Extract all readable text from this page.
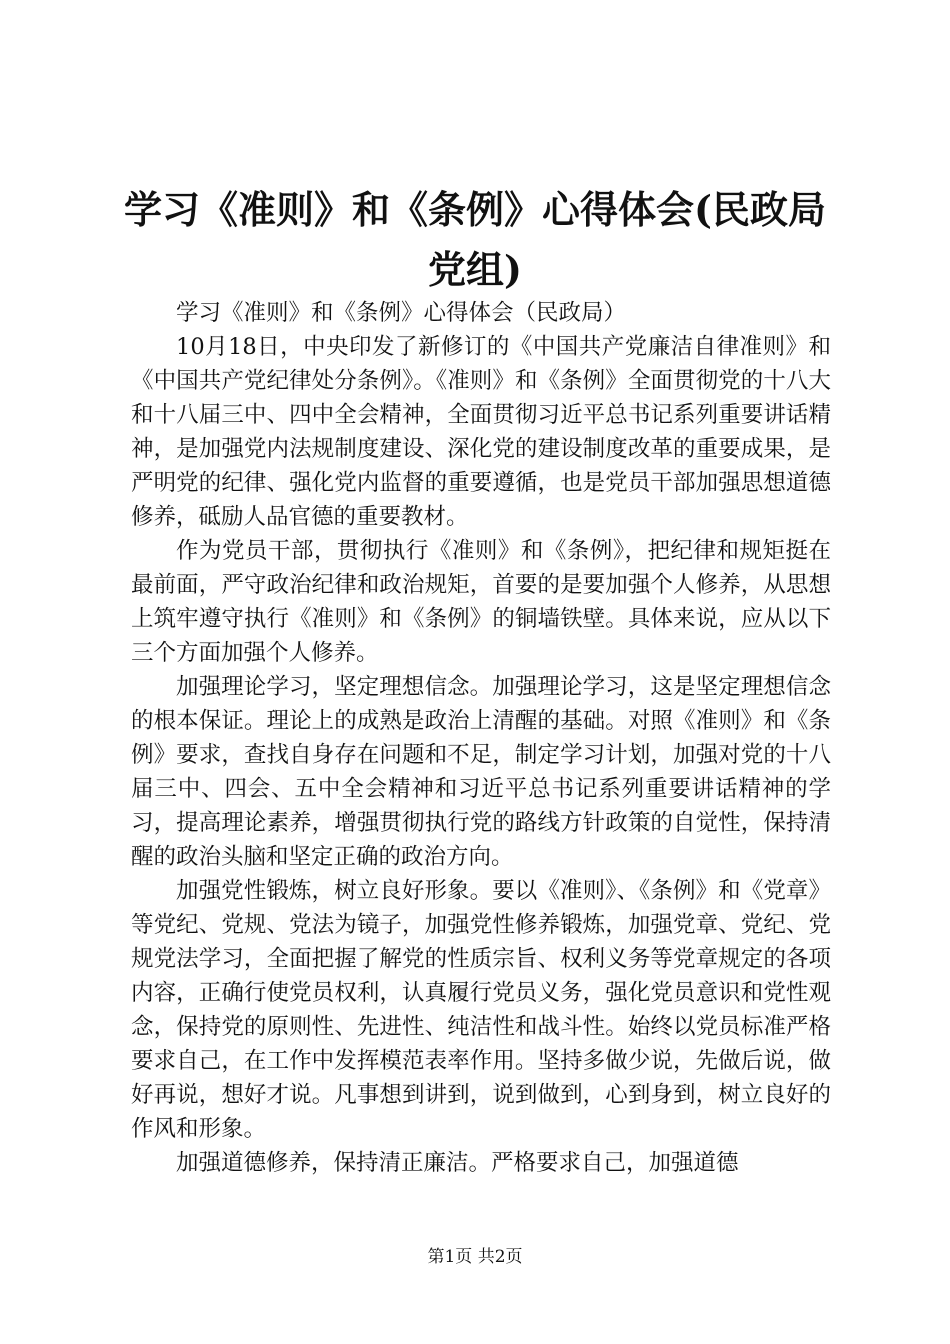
学习《准则》和《条例》心得体会(民政局党组)

学习《准则》和《条例》心得体会（民政局）

10月18日，中央印发了新修订的《中国共产党廉洁自律准则》和《中国共产党纪律处分条例》。《准则》和《条例》全面贯彻党的十八大和十八届三中、四中全会精神，全面贯彻习近平总书记系列重要讲话精神，是加强党内法规制度建设、深化党的建设制度改革的重要成果，是严明党的纪律、强化党内监督的重要遵循，也是党员干部加强思想道德修养，砥励人品官德的重要教材。

作为党员干部，贯彻执行《准则》和《条例》，把纪律和规矩挺在最前面，严守政治纪律和政治规矩，首要的是要加强个人修养，从思想上筑牢遵守执行《准则》和《条例》的铜墙铁壁。具体来说，应从以下三个方面加强个人修养。

加强理论学习，坚定理想信念。加强理论学习，这是坚定理想信念的根本保证。理论上的成熟是政治上清醒的基础。对照《准则》和《条例》要求，查找自身存在问题和不足，制定学习计划，加强对党的十八届三中、四会、五中全会精神和习近平总书记系列重要讲话精神的学习，提高理论素养，增强贯彻执行党的路线方针政策的自觉性，保持清醒的政治头脑和坚定正确的政治方向。

加强党性锻炼，树立良好形象。要以《准则》、《条例》和《党章》等党纪、党规、党法为镜子，加强党性修养锻炼，加强党章、党纪、党规党法学习，全面把握了解党的性质宗旨、权利义务等党章规定的各项内容，正确行使党员权利，认真履行党员义务，强化党员意识和党性观念，保持党的原则性、先进性、纯洁性和战斗性。始终以党员标准严格要求自己，在工作中发挥模范表率作用。坚持多做少说，先做后说，做好再说，想好才说。凡事想到讲到，说到做到，心到身到，树立良好的作风和形象。

加强道德修养，保持清正廉洁。严格要求自己，加强道德

第1页 共2页
